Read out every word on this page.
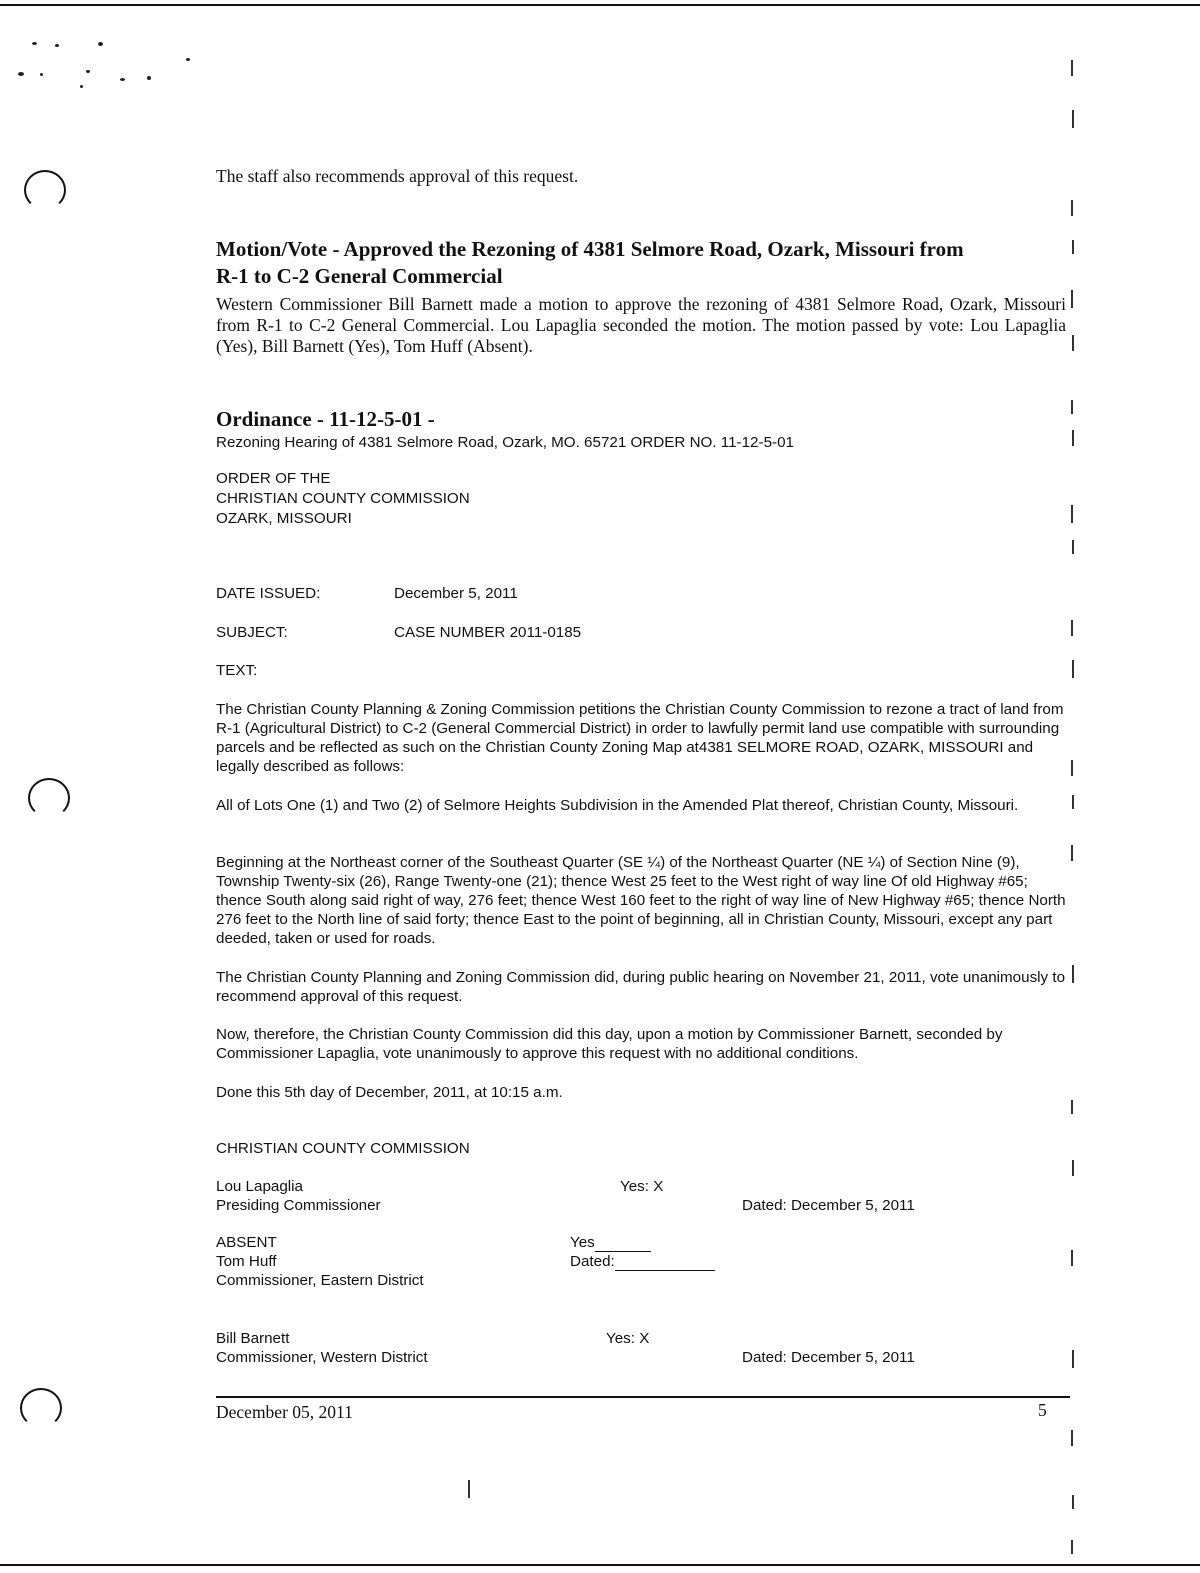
The staff also recommends approval of this request.
Motion/Vote - Approved the Rezoning of 4381 Selmore Road, Ozark, Missouri from
R-1 to C-2 General Commercial
Western Commissioner Bill Barnett made a motion to approve the rezoning of 4381 Selmore Road, Ozark, Missouri from R-1 to C-2 General Commercial. Lou Lapaglia seconded the motion. The motion passed by vote: Lou Lapaglia (Yes), Bill Barnett (Yes), Tom Huff (Absent).
Ordinance - 11-12-5-01 -
Rezoning Hearing of 4381 Selmore Road, Ozark, MO. 65721 ORDER NO. 11-12-5-01
ORDER OF THE
CHRISTIAN COUNTY COMMISSION
OZARK, MISSOURI
DATE ISSUED:	December 5, 2011
SUBJECT:	CASE NUMBER 2011-0185
TEXT:
The Christian County Planning & Zoning Commission petitions the Christian County Commission to rezone a tract of land from R-1 (Agricultural District) to C-2 (General Commercial District) in order to lawfully permit land use compatible with surrounding parcels and be reflected as such on the Christian County Zoning Map at4381 SELMORE ROAD, OZARK, MISSOURI and legally described as follows:
All of Lots One (1) and Two (2) of Selmore Heights Subdivision in the Amended Plat thereof, Christian County, Missouri.
Beginning at the Northeast corner of the Southeast Quarter (SE ¼) of the Northeast Quarter (NE ¼) of Section Nine (9), Township Twenty-six (26), Range Twenty-one (21); thence West 25 feet to the West right of way line Of old Highway #65; thence South along said right of way, 276 feet; thence West 160 feet to the right of way line of New Highway #65; thence North 276 feet to the North line of said forty; thence East to the point of beginning, all in Christian County, Missouri, except any part deeded, taken or used for roads.
The Christian County Planning and Zoning Commission did, during public hearing on November 21, 2011, vote unanimously to recommend approval of this request.
Now, therefore, the Christian County Commission did this day, upon a motion by Commissioner Barnett, seconded by Commissioner Lapaglia, vote unanimously to approve this request with no additional conditions.
Done this 5th day of December, 2011, at 10:15 a.m.
CHRISTIAN COUNTY COMMISSION
Lou Lapaglia
Presiding Commissioner
Yes: X
Dated: December 5, 2011
ABSENT
Tom Huff
Commissioner, Eastern District
Yes
Dated:
Bill Barnett
Commissioner, Western District
Yes: X
Dated: December 5, 2011
December 05, 2011	5
